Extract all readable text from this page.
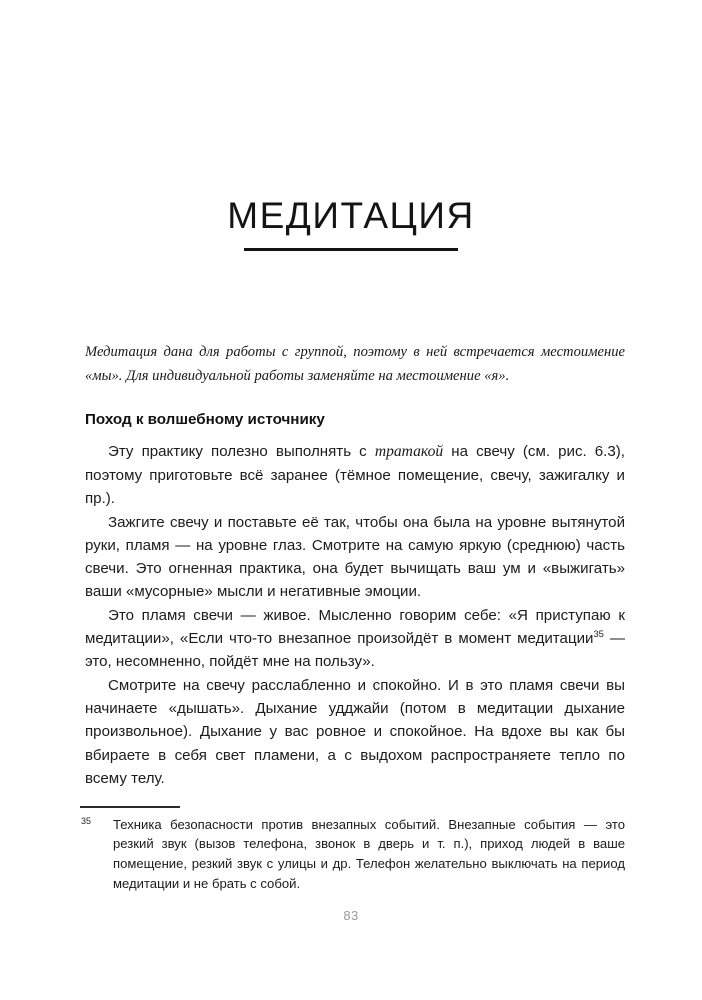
МЕДИТАЦИЯ

Медитация дана для работы с группой, поэтому в ней встречается местоимение «мы». Для индивидуальной работы заменяйте на местоимение «я».

Поход к волшебному источнику

Эту практику полезно выполнять с тратакой на свечу (см. рис. 6.3), поэтому приготовьте всё заранее (тёмное помещение, свечу, зажигалку и пр.).

Зажгите свечу и поставьте её так, чтобы она была на уровне вытянутой руки, пламя — на уровне глаз. Смотрите на самую яркую (среднюю) часть свечи. Это огненная практика, она будет вычищать ваш ум и «выжигать» ваши «мусорные» мысли и негативные эмоции.

Это пламя свечи — живое. Мысленно говорим себе: «Я приступаю к медитации», «Если что-то внезапное произойдёт в момент медитации$^{35}$ — это, несомненно, пойдёт мне на пользу».

Смотрите на свечу расслабленно и спокойно. И в это пламя свечи вы начинаете «дышать». Дыхание удджайи (потом в медитации дыхание произвольное). Дыхание у вас ровное и спокойное. На вдохе вы как бы вбираете в себя свет пламени, а с выдохом распространяете тепло по всему телу.

35 Техника безопасности против внезапных событий. Внезапные события — это резкий звук (вызов телефона, звонок в дверь и т. п.), приход людей в ваше помещение, резкий звук с улицы и др. Телефон желательно выключать на период медитации и не брать с собой.

83
